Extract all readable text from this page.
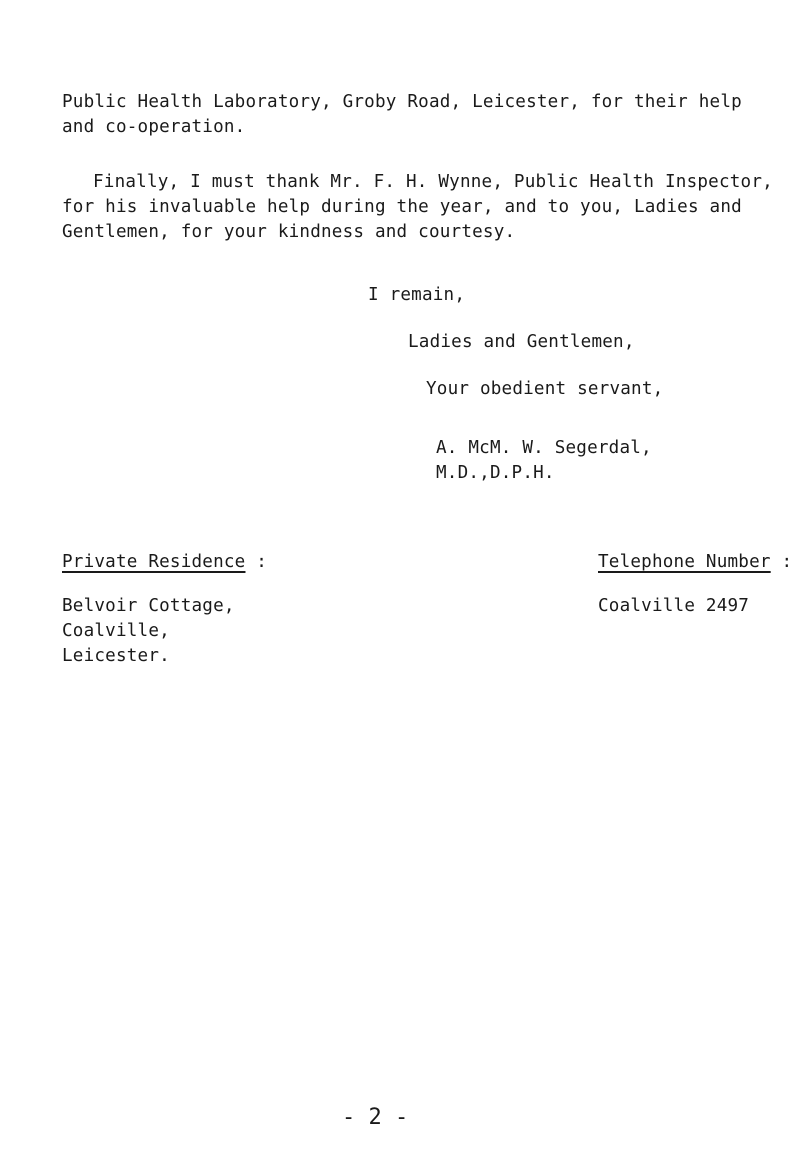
Public Health Laboratory, Groby Road, Leicester, for their help
and co-operation.
Finally, I must thank Mr. F. H. Wynne, Public Health Inspector,
for his invaluable help during the year, and to you, Ladies and
Gentlemen, for your kindness and courtesy.
I remain,
Ladies and Gentlemen,
Your obedient servant,
A. McM. W. Segerdal,
M.D.,D.P.H.
Private Residence :
Belvoir Cottage,
Coalville,
Leicester.
Telephone Number :
Coalville 2497
- 2 -
